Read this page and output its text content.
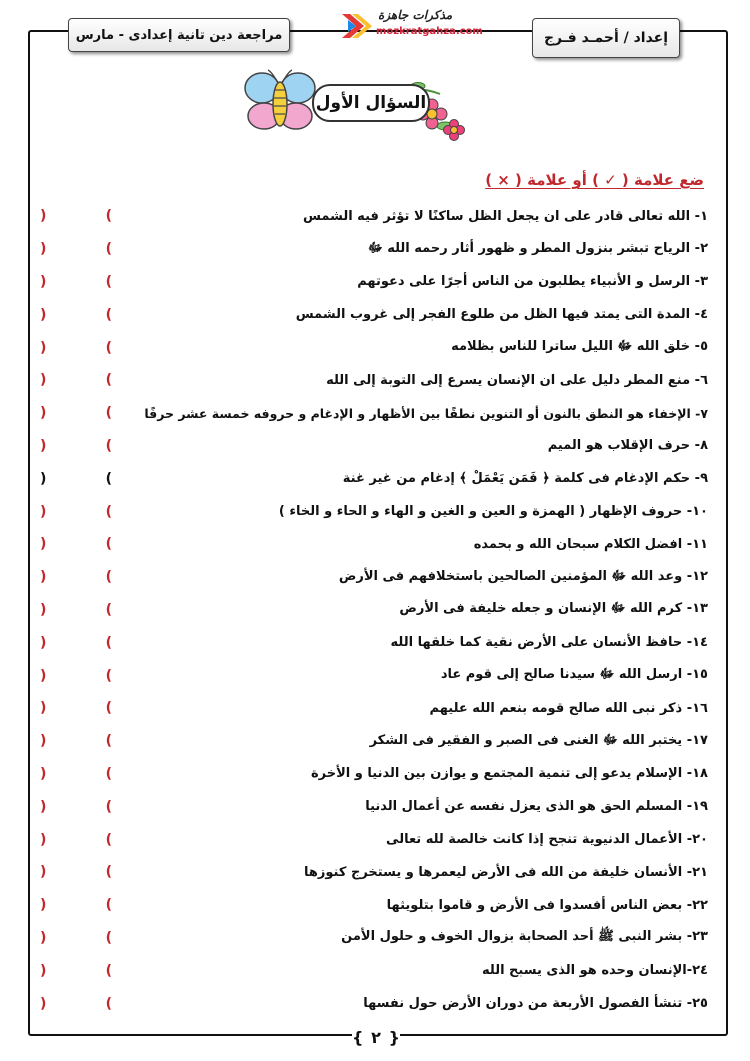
مراجعة دين تانية إعدادى - مارس
مذكرات جاهزة
mozkratgahza.com	إعداد / أحمـد فـرج
السؤال الأول
ضع علامة ( ✓ ) أو علامة ( × )
١- الله تعالى قادر على ان يجعل الظل ساكنًا لا تؤثر فيه الشمس
)	(
٢- الرياح تبشر بنزول المطر و ظهور أثار رحمه الله ﷻ
)	(
٣- الرسل و الأنبياء يطلبون من الناس أجرًا على دعوتهم
)	(
٤- المدة التى يمتد فيها الظل من طلوع الفجر إلى غروب الشمس
)	(
٥- خلق الله ﷻ الليل ساترا للناس بظلامه
)	(
٦- منع المطر دليل على ان الإنسان يسرع إلى التوبة إلى الله
)	(
٧- الإخفاء هو النطق بالنون أو التنوين نطقًا بين الأظهار و الإدغام و حروفه خمسة عشر حرفًا
)	(
٨- حرف الإقلاب هو الميم
)	(
٩- حكم الإدغام فى كلمة ﴿ فَمَن يَعْمَلْ ﴾ إدغام من غير غنة
)	(
١٠- حروف الإظهار ( الهمزة و العين و الغين و الهاء و الحاء و الخاء )
)	(
١١- افضل الكلام سبحان الله و بحمده
)	(
١٢- وعد الله ﷻ المؤمنين الصالحين باستخلافهم فى الأرض
)	(
١٣- كرم الله ﷻ الإنسان و جعله خليفة فى الأرض
)	(
١٤- حافظ الأنسان على الأرض نقية كما خلقها الله
)	(
١٥- ارسل الله ﷻ سيدنا صالح إلى قوم عاد
)	(
١٦- ذكر نبى الله صالح قومه بنعم الله عليهم
)	(
١٧- يختبر الله ﷻ الغنى فى الصبر و الفقير فى الشكر
)	(
١٨- الإسلام يدعو إلى تنمية المجتمع و يوازن بين الدنيا و الأخرة
)	(
١٩- المسلم الحق هو الذى يعزل نفسه عن أعمال الدنيا
)	(
٢٠- الأعمال الدنيوية تنجح إذا كانت خالصة لله تعالى
)	(
٢١- الأنسان خليفة من الله فى الأرض ليعمرها و يستخرج كنوزها
)	(
٢٢- بعض الناس أفسدوا فى الأرض و قاموا بتلويثها
)	(
٢٣- بشر النبى ﷺ أحد الصحابة بزوال الخوف و حلول الأمن
)	(
٢٤-الإنسان وحده هو الذى يسبح الله
)	(
٢٥- تنشأ الفصول الأربعة من دوران الأرض حول نفسها
)	(
{ ٢ }
